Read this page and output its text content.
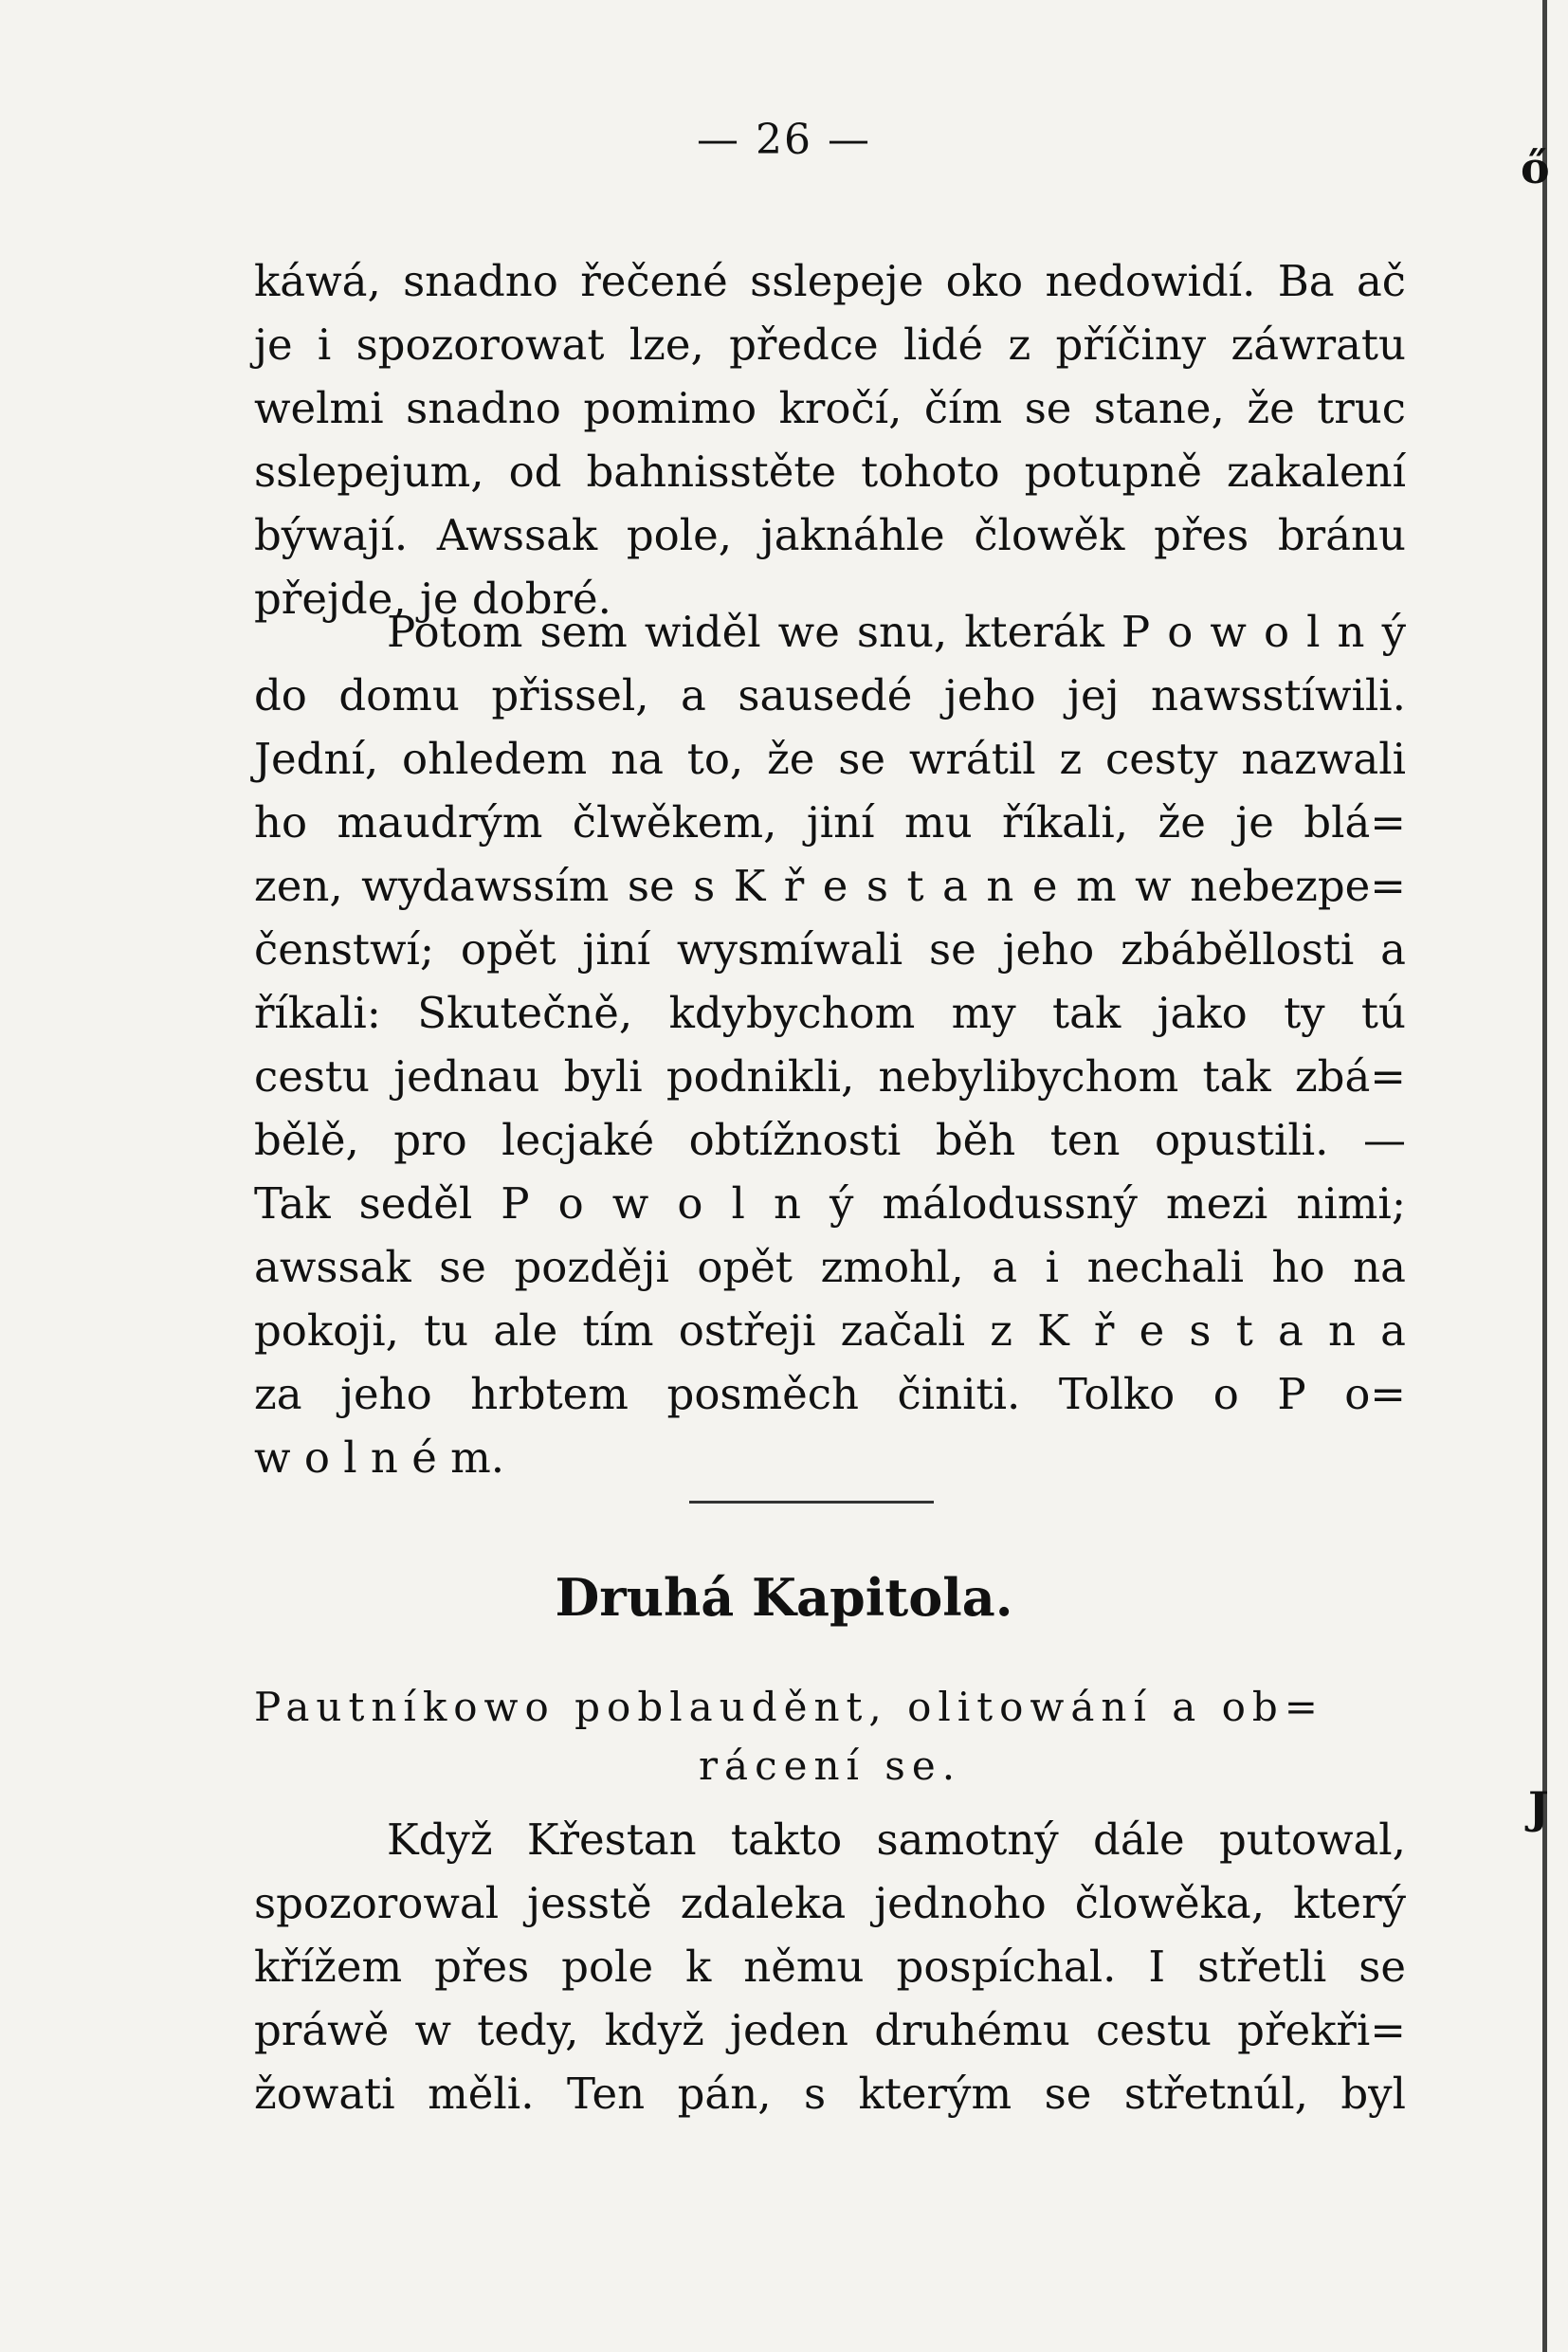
ő
J
— 26 —
káwá, snadno řečené sslepeje oko nedowidí. Ba ač
je i spozorowat lze, předce lidé z příčiny záwratu
welmi snadno pomimo kročí, čím se stane, že truc
sslepejum, od bahnisstěte tohoto potupně zakalení
býwají. Awssak pole, jaknáhle člowěk přes bránu
přejde, je dobré.
Potom sem widěl we snu, kterák P o w o l n ý
do domu přissel, a sausedé jeho jej nawsstíwili.
Jední, ohledem na to, že se wrátil z cesty nazwali
ho maudrým člwěkem, jiní mu říkali, že je blá=
zen, wydawssím se s K ř e s t a n e m w nebezpe=
čenstwí; opět jiní wysmíwali se jeho zbáběllosti a
říkali: Skutečně, kdybychom my tak jako ty tú
cestu jednau byli podnikli, nebylibychom tak zbá=
bělě, pro lecjaké obtížnosti běh ten opustili. —
Tak seděl P o w o l n ý málodussný mezi nimi;
awssak se později opět zmohl, a i nechali ho na
pokoji, tu ale tím ostřeji začali z K ř e s t a n a
za jeho hrbtem posměch činiti. Tolko o P o=
w o l n é m.
Druhá Kapitola.
Pautníkowo poblauděnt, olitowání a ob=
rácení se.
Když Křestan takto samotný dále putowal,
spozorowal jesstě zdaleka jednoho člowěka, který
křížem přes pole k němu pospíchal. I střetli se
práwě w tedy, když jeden druhému cestu překři=
žowati měli. Ten pán, s kterým se střetnúl, byl
